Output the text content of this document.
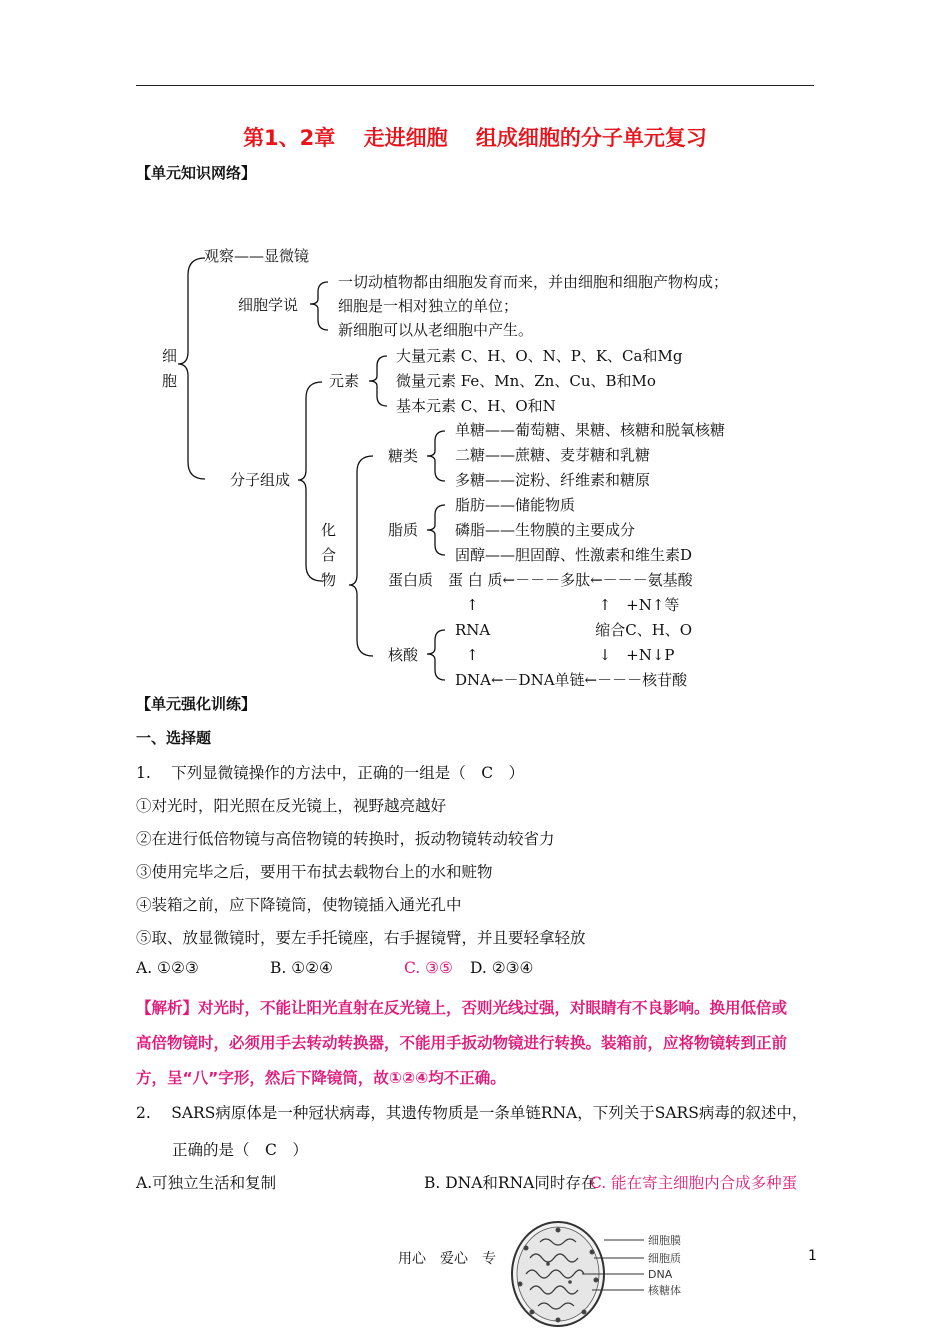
第1、2章　 走进细胞　 组成细胞的分子单元复习
【单元知识网络】
细
胞
观察——显微镜
细胞学说
一切动植物都由细胞发育而来，并由细胞和细胞产物构成；
细胞是一相对独立的单位；
新细胞可以从老细胞中产生。
元素
大量元素 C、H、O、N、P、K、Ca和Mg
微量元素 Fe、Mn、Zn、Cu、B和Mo
基本元素 C、H、O和N
分子组成
化
合
物
糖类
单糖——葡萄糖、果糖、核糖和脱氧核糖
二糖——蔗糖、麦芽糖和乳糖
多糖——淀粉、纤维素和糖原
脂质
脂肪——储能物质
磷脂——生物膜的主要成分
固醇——胆固醇、性激素和维生素D
蛋白质　蛋 白 质←－－－多肽←－－－氨基酸
↑　　　　　　　　↑　+N↑等
RNA　　　　　　　缩合C、H、O
核酸	↑　　　　　　　　↓　+N↓P
DNA←－DNA单链←－－－核苷酸
【单元强化训练】
一、选择题
1.　 下列显微镜操作的方法中，正确的一组是（　C　）
①对光时，阳光照在反光镜上，视野越亮越好
②在进行低倍物镜与高倍物镜的转换时，扳动物镜转动较省力
③使用完毕之后，要用干布拭去载物台上的水和赃物
④装箱之前，应下降镜筒，使物镜插入通光孔中
⑤取、放显微镜时，要左手托镜座，右手握镜臂，并且要轻拿轻放
A. ①②③	B. ①②④	C. ③⑤ D. ②③④
【解析】对光时，不能让阳光直射在反光镜上，否则光线过强，对眼睛有不良影响。换用低倍或
高倍物镜时，必须用手去转动转换器，不能用手扳动物镜进行转换。装箱前，应将物镜转到正前
方，呈“八”字形，然后下降镜筒，故①②④均不正确。
2.　 SARS病原体是一种冠状病毒，其遗传物质是一条单链RNA，下列关于SARS病毒的叙述中，
正确的是（　C　）
A.可独立生活和复制	B. DNA和RNA同时存在
C. 能在寄主细胞内合成多种蛋
用心　爱心　专	1
细胞膜
细胞质
DNA
核糖体
